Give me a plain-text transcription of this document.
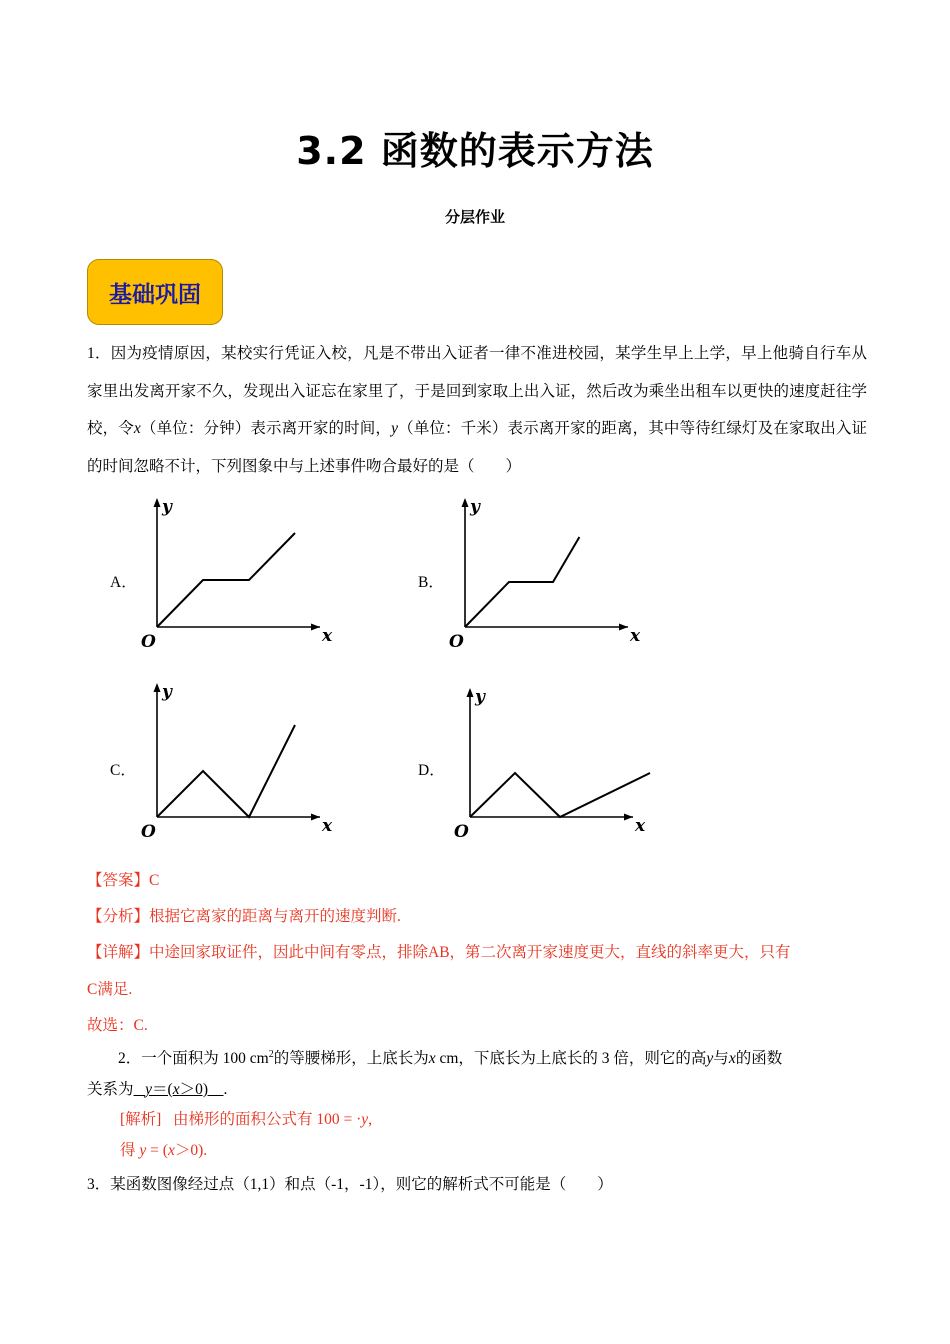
3.2 函数的表示方法
分层作业
基础巩固

1．因为疫情原因，某校实行凭证入校，凡是不带出入证者一律不准进校园，某学生早上上学，早上他骑自行车从家里出发离开家不久，发现出入证忘在家里了，于是回到家取上出入证，然后改为乘坐出租车以更快的速度赶往学校，令x（单位：分钟）表示离开家的时间，y（单位：千米）表示离开家的距离，其中等待红绿灯及在家取出入证的时间忽略不计，下列图象中与上述事件吻合最好的是（　　）

A．	B．
C．	D．
y
x
O
y
x
O
y
x
O
y
x
O
【答案】C
【分析】根据它离家的距离与离开的速度判断.
【详解】中途回家取证件，因此中间有零点，排除AB，第二次离开家速度更大，直线的斜率更大，只有
C满足.
故选：C.
2．一个面积为 100 $cm^2$的等腰梯形，上底长为x cm，下底长为上底长的 3 倍，则它的高y与x的函数
关系为 y＝(x＞0) .
[解析] 由梯形的面积公式有 100 = ·y,
得 y = (x＞0).
3．某函数图像经过点（1,1）和点（-1，-1），则它的解析式不可能是（　　）
